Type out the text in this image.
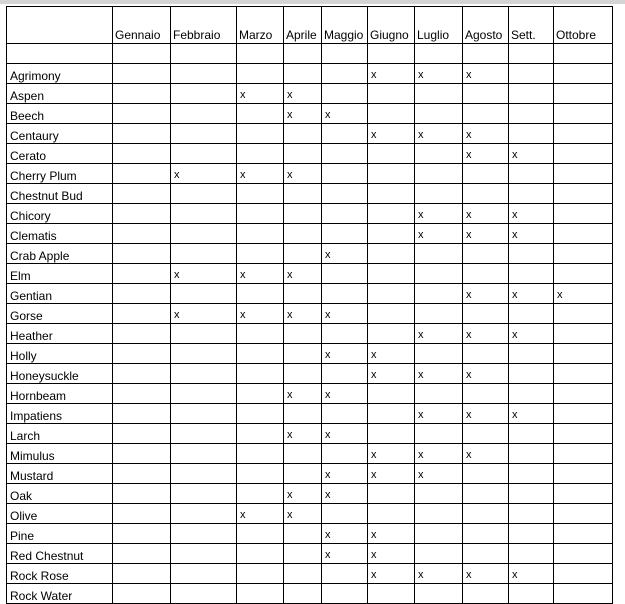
	Gennaio	Febbraio	Marzo	Aprile	Maggio	Giugno	Luglio	Agosto	Sett.	Ottobre

Agrimony						x	x	x		
Aspen			x	x						
Beech				x	x					
Centaury						x	x	x		
Cerato								x	x	
Cherry Plum		x	x	x						
Chestnut Bud										
Chicory							x	x	x	
Clematis							x	x	x	
Crab Apple					x					
Elm		x	x	x						
Gentian								x	x	x
Gorse		x	x	x	x					
Heather							x	x	x	
Holly					x	x				
Honeysuckle						x	x	x		
Hornbeam				x	x					
Impatiens							x	x	x	
Larch				x	x					
Mimulus						x	x	x		
Mustard					x	x	x			
Oak				x	x					
Olive			x	x						
Pine					x	x				
Red Chestnut					x	x				
Rock Rose						x	x	x	x	
Rock Water										
